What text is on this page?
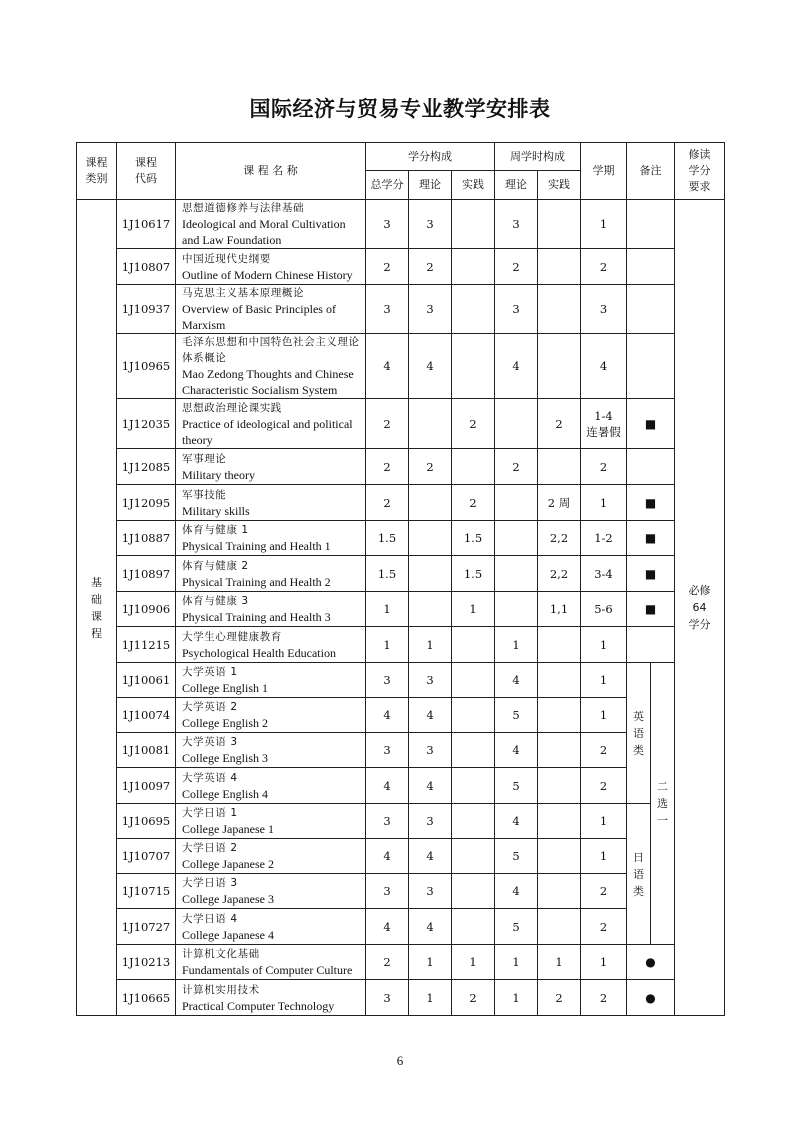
国际经济与贸易专业教学安排表
课程类别	课程代码	课 程 名 称	学分构成			周学时构成		学期	备注		修读学分要求
			总学分	理论	实践	理论	实践				
基础课程	1J10617	思想道德修养与法律基础
Ideological and Moral Cultivation and Law Foundation	3	3		3		1			必修
64
学分
	1J10807	中国近现代史纲要
Outline of Modern Chinese History	2	2		2		2			
	1J10937	马克思主义基本原理概论
Overview of Basic Principles of Marxism	3	3		3		3			
	1J10965	毛泽东思想和中国特色社会主义理论体系概论
Mao Zedong Thoughts and Chinese Characteristic Socialism System	4	4		4		4			
	1J12035	思想政治理论课实践
Practice of ideological and political theory	2		2		2	1-4
连暑假	■		
	1J12085	军事理论
Military theory	2	2		2		2			
	1J12095	军事技能
Military skills	2		2		2 周	1	■		
	1J10887	体育与健康 1
Physical Training and Health 1	1.5		1.5		2,2	1-2	■		
	1J10897	体育与健康 2
Physical Training and Health 2	1.5		1.5		2,2	3-4	■		
	1J10906	体育与健康 3
Physical Training and Health 3	1		1		1,1	5-6	■		
	1J11215	大学生心理健康教育
Psychological Health Education	1	1		1		1			
	1J10061	大学英语 1
College English 1	3	3		4		1	英语类	二选一	
	1J10074	大学英语 2
College English 2	4	4		5		1			
	1J10081	大学英语 3
College English 3	3	3		4		2			
	1J10097	大学英语 4
College English 4	4	4		5		2			
	1J10695	大学日语 1
College Japanese 1	3	3		4		1	日语类		
	1J10707	大学日语 2
College Japanese 2	4	4		5		1			
	1J10715	大学日语 3
College Japanese 3	3	3		4		2			
	1J10727	大学日语 4
College Japanese 4	4	4		5		2			
	1J10213	计算机文化基础
Fundamentals of Computer Culture	2	1	1	1	1	1	●		
	1J10665	计算机实用技术
Practical Computer Technology	3	1	2	1	2	2	●		
6
